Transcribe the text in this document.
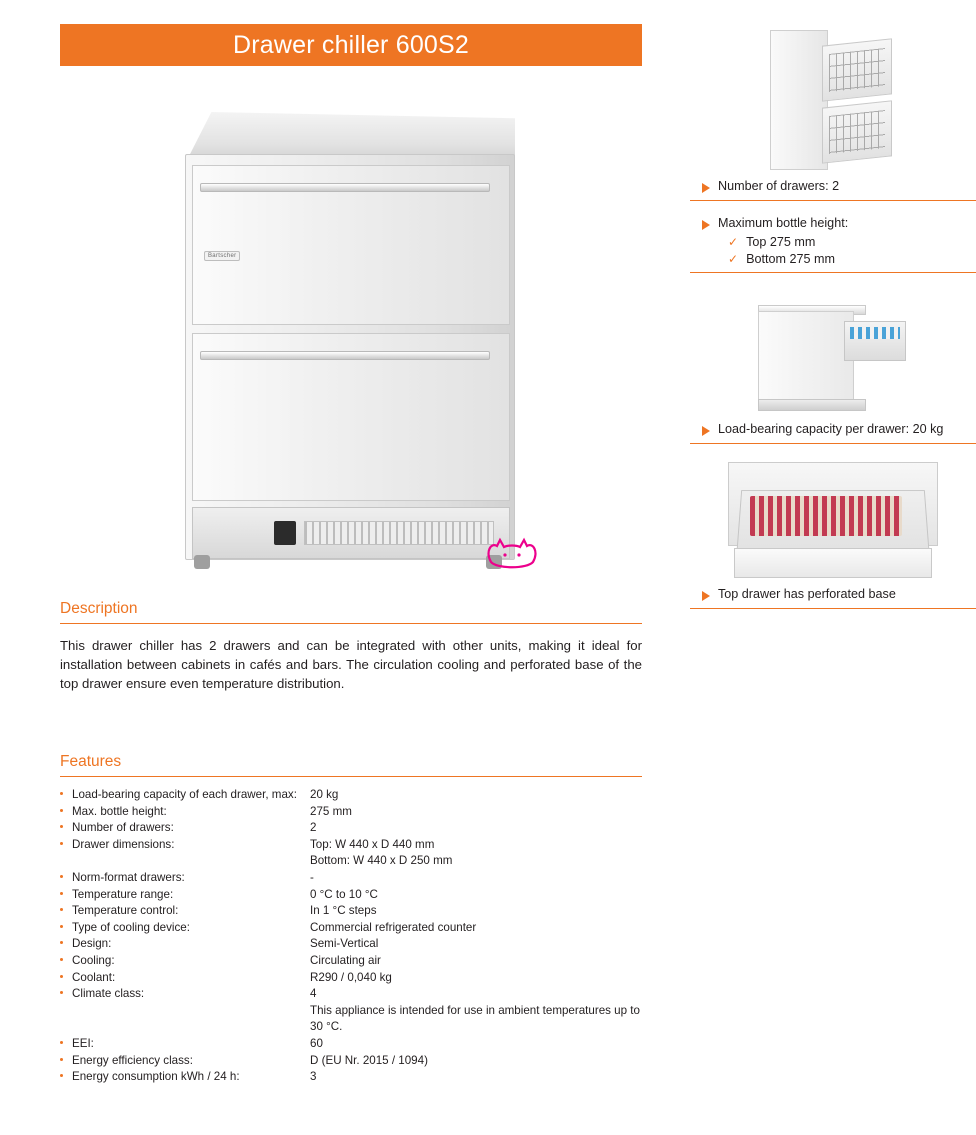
Drawer chiller 600S2
Bartscher
Description
This drawer chiller has 2 drawers and can be integrated with other units, making it ideal for installation between cabinets in cafés and bars. The circulation cooling and perforated base of the top drawer ensure even temperature distribution.
Features
Load-bearing capacity of each drawer, max:	20 kg

Max. bottle height:	275 mm

Number of drawers:	2

Drawer dimensions:	Top: W 440 x D 440 mm
	Bottom: W 440 x D 250 mm

Norm-format drawers:	-

Temperature range:	0 °C to 10 °C

Temperature control:	In 1 °C steps

Type of cooling device:	Commercial refrigerated counter

Design:	Semi-Vertical

Cooling:	Circulating air

Coolant:	R290 / 0,040 kg

Climate class:	4
	This appliance is intended for use in ambient temperatures up to 30 °C.

EEI:	60

Energy efficiency class:	D (EU Nr. 2015 / 1094)

Energy consumption kWh / 24 h:	3
Number of drawers: 2
Maximum bottle height:
✓ Top 275 mm
✓ Bottom 275 mm
Load-bearing capacity per drawer: 20 kg
Top drawer has perforated base
